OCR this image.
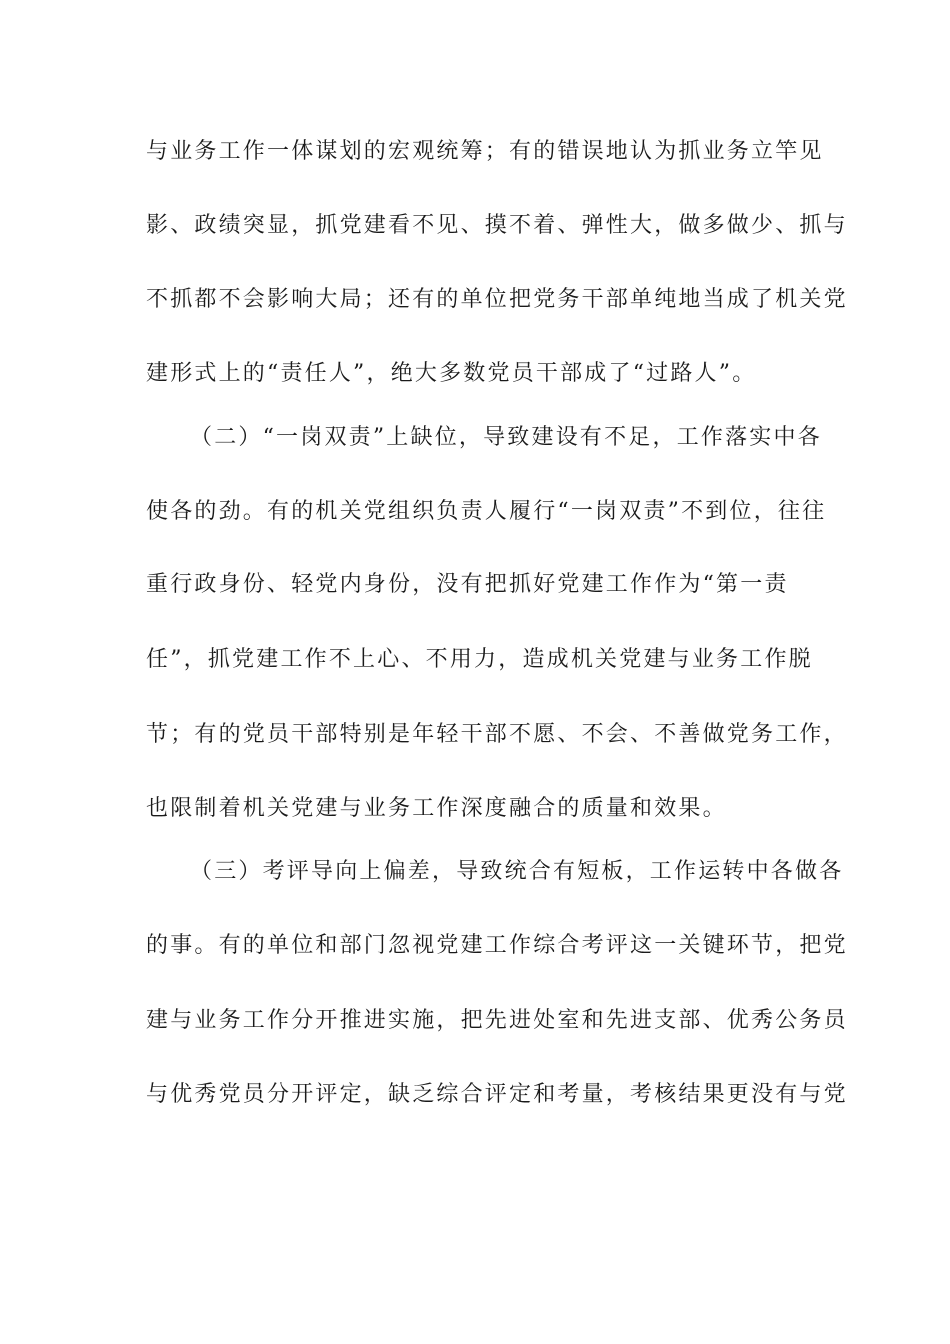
与业务工作一体谋划的宏观统筹；有的错误地认为抓业务立竿见
影、政绩突显，抓党建看不见、摸不着、弹性大，做多做少、抓与
不抓都不会影响大局；还有的单位把党务干部单纯地当成了机关党
建形式上的“责任人”，绝大多数党员干部成了“过路人”。
（二）“一岗双责”上缺位，导致建设有不足，工作落实中各
使各的劲。有的机关党组织负责人履行“一岗双责”不到位，往往
重行政身份、轻党内身份，没有把抓好党建工作作为“第一责
任”，抓党建工作不上心、不用力，造成机关党建与业务工作脱
节；有的党员干部特别是年轻干部不愿、不会、不善做党务工作，
也限制着机关党建与业务工作深度融合的质量和效果。
（三）考评导向上偏差，导致统合有短板，工作运转中各做各
的事。有的单位和部门忽视党建工作综合考评这一关键环节，把党
建与业务工作分开推进实施，把先进处室和先进支部、优秀公务员
与优秀党员分开评定，缺乏综合评定和考量，考核结果更没有与党
